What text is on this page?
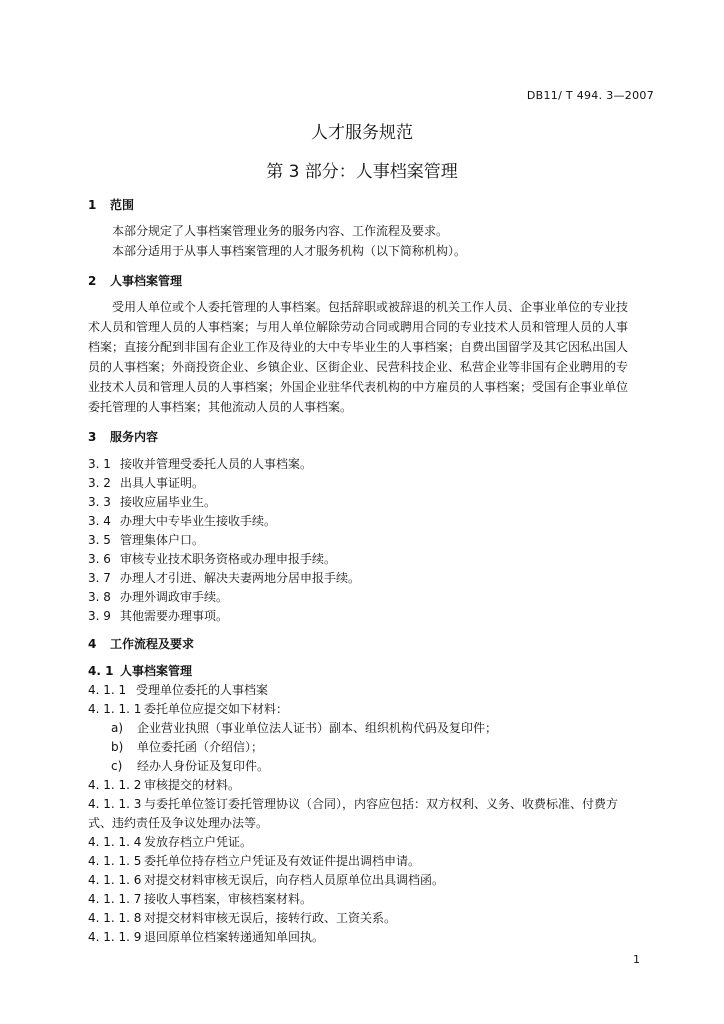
DB11/ T 494. 3—2007
人才服务规范
第 3 部分：人事档案管理
1 范围
本部分规定了人事档案管理业务的服务内容、工作流程及要求。
本部分适用于从事人事档案管理的人才服务机构（以下简称机构）。
2 人事档案管理
受用人单位或个人委托管理的人事档案。包括辞职或被辞退的机关工作人员、企事业单位的专业技
术人员和管理人员的人事档案；与用人单位解除劳动合同或聘用合同的专业技术人员和管理人员的人事
档案；直接分配到非国有企业工作及待业的大中专毕业生的人事档案；自费出国留学及其它因私出国人
员的人事档案；外商投资企业、乡镇企业、区街企业、民营科技企业、私营企业等非国有企业聘用的专
业技术人员和管理人员的人事档案；外国企业驻华代表机构的中方雇员的人事档案；受国有企事业单位
委托管理的人事档案；其他流动人员的人事档案。
3 服务内容
3. 1 接收并管理受委托人员的人事档案。
3. 2 出具人事证明。
3. 3 接收应届毕业生。
3. 4 办理大中专毕业生接收手续。
3. 5 管理集体户口。
3. 6 审核专业技术职务资格或办理申报手续。
3. 7 办理人才引进、解决夫妻两地分居申报手续。
3. 8 办理外调政审手续。
3. 9 其他需要办理事项。
4 工作流程及要求
4. 1 人事档案管理
4. 1. 1 受理单位委托的人事档案
4. 1. 1. 1 委托单位应提交如下材料：
a) 企业营业执照（事业单位法人证书）副本、组织机构代码及复印件；
b) 单位委托函（介绍信）；
c) 经办人身份证及复印件。
4. 1. 1. 2 审核提交的材料。
4. 1. 1. 3 与委托单位签订委托管理协议（合同），内容应包括：双方权利、义务、收费标准、付费方
式、违约责任及争议处理办法等。
4. 1. 1. 4 发放存档立户凭证。
4. 1. 1. 5 委托单位持存档立户凭证及有效证件提出调档申请。
4. 1. 1. 6 对提交材料审核无误后，向存档人员原单位出具调档函。
4. 1. 1. 7 接收人事档案，审核档案材料。
4. 1. 1. 8 对提交材料审核无误后，接转行政、工资关系。
4. 1. 1. 9 退回原单位档案转递通知单回执。
1
